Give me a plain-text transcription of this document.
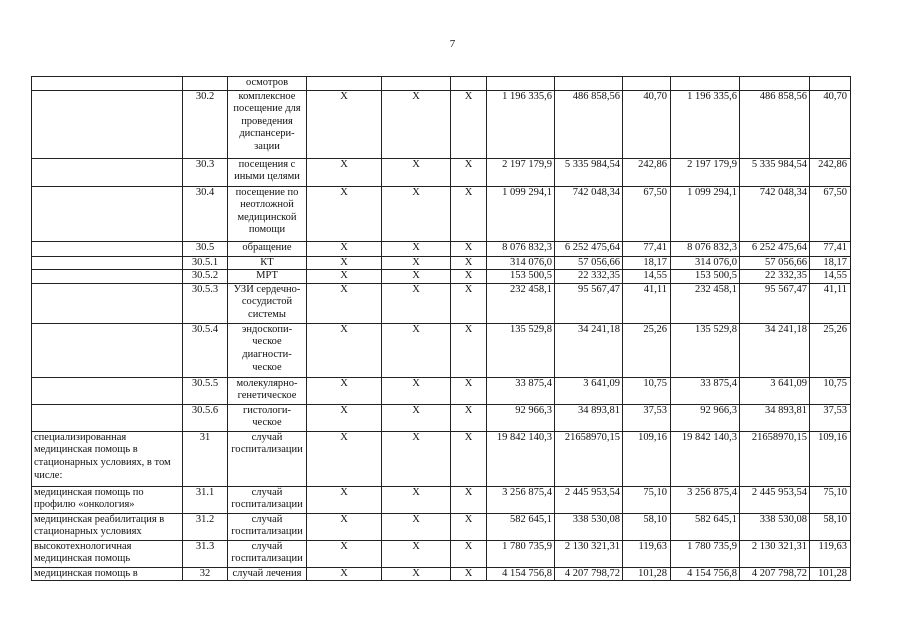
7
		осмотров									
	30.2	комплексное посещение для проведения диспансери-зации	X	X	X	1 196 335,6	486 858,56	40,70	1 196 335,6	486 858,56	40,70
	30.3	посещения с иными целями	X	X	X	2 197 179,9	5 335 984,54	242,86	2 197 179,9	5 335 984,54	242,86
	30.4	посещение по неотложной медицинской помощи	X	X	X	1 099 294,1	742 048,34	67,50	1 099 294,1	742 048,34	67,50
	30.5	обращение	X	X	X	8 076 832,3	6 252 475,64	77,41	8 076 832,3	6 252 475,64	77,41
	30.5.1	КТ	X	X	X	314 076,0	57 056,66	18,17	314 076,0	57 056,66	18,17
	30.5.2	МРТ	X	X	X	153 500,5	22 332,35	14,55	153 500,5	22 332,35	14,55
	30.5.3	УЗИ сердечно-сосудистой системы	X	X	X	232 458,1	95 567,47	41,11	232 458,1	95 567,47	41,11
	30.5.4	эндоскопи-ческое диагности-ческое	X	X	X	135 529,8	34 241,18	25,26	135 529,8	34 241,18	25,26
	30.5.5	молекулярно-генетическое	X	X	X	33 875,4	3 641,09	10,75	33 875,4	3 641,09	10,75
	30.5.6	гистологи-ческое	X	X	X	92 966,3	34 893,81	37,53	92 966,3	34 893,81	37,53
специализированная медицинская помощь в стационарных условиях, в том числе:	31	случай госпитализации	X	X	X	19 842 140,3	21658970,15	109,16	19 842 140,3	21658970,15	109,16
медицинская помощь по профилю «онкология»	31.1	случай госпитализации	X	X	X	3 256 875,4	2 445 953,54	75,10	3 256 875,4	2 445 953,54	75,10
медицинская реабилитация в стационарных условиях	31.2	случай госпитализации	X	X	X	582 645,1	338 530,08	58,10	582 645,1	338 530,08	58,10
высокотехнологичная медицинская помощь	31.3	случай госпитализации	X	X	X	1 780 735,9	2 130 321,31	119,63	1 780 735,9	2 130 321,31	119,63
медицинская помощь в	32	случай лечения	X	X	X	4 154 756,8	4 207 798,72	101,28	4 154 756,8	4 207 798,72	101,28
